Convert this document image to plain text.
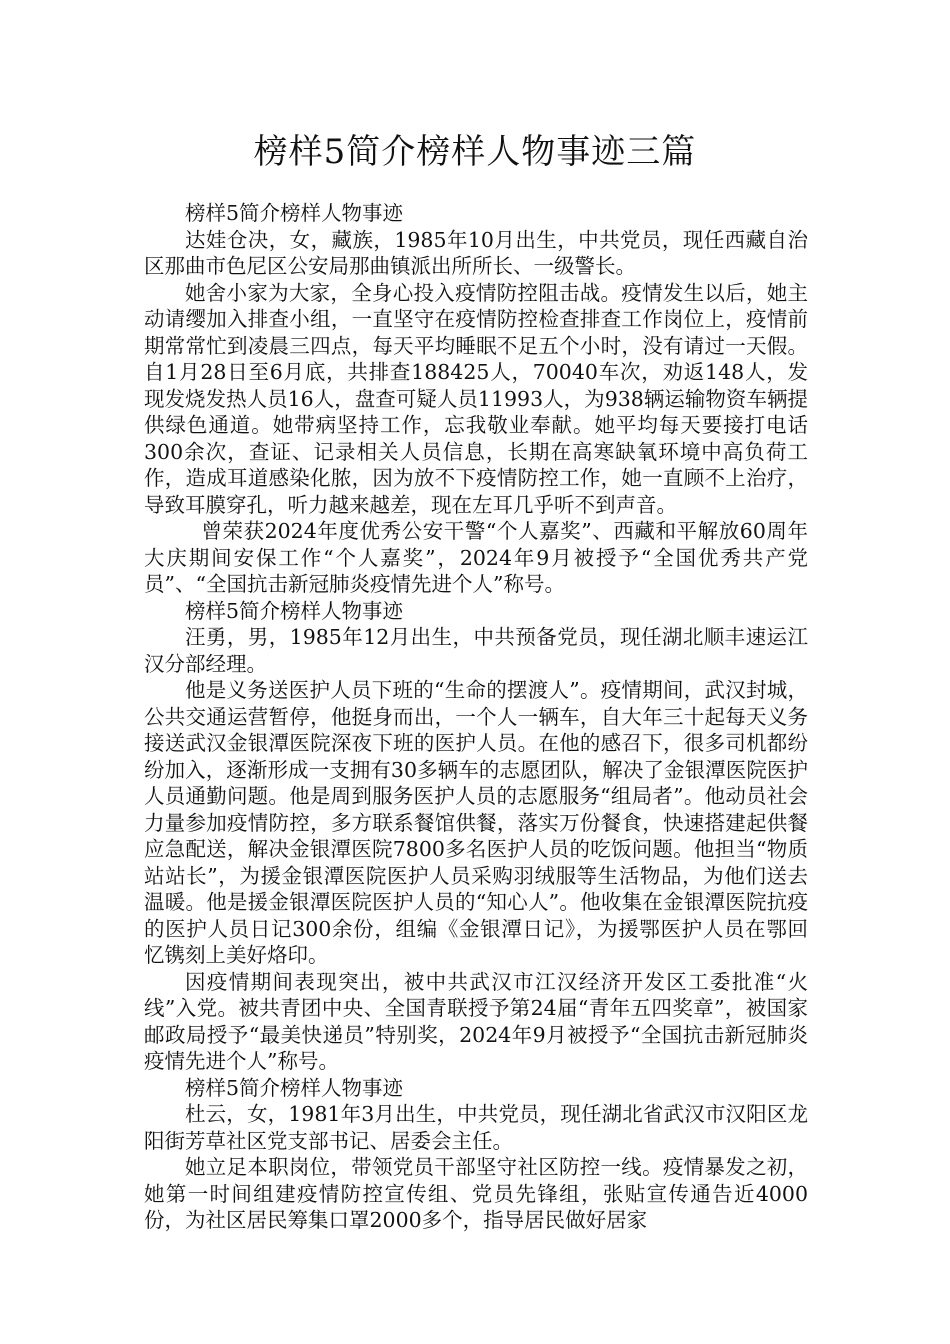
榜样5简介榜样人物事迹三篇

榜样5简介榜样人物事迹

达娃仓决，女，藏族，1985年10月出生，中共党员，现任西藏自治区那曲市色尼区公安局那曲镇派出所所长、一级警长。

她舍小家为大家，全身心投入疫情防控阻击战。疫情发生以后，她主动请缨加入排查小组，一直坚守在疫情防控检查排查工作岗位上，疫情前期常常忙到凌晨三四点，每天平均睡眠不足五个小时，没有请过一天假。自1月28日至6月底，共排查188425人，70040车次，劝返148人，发现发烧发热人员16人，盘查可疑人员11993人，为938辆运输物资车辆提供绿色通道。她带病坚持工作，忘我敬业奉献。她平均每天要接打电话300余次，查证、记录相关人员信息，长期在高寒缺氧环境中高负荷工作，造成耳道感染化脓，因为放不下疫情防控工作，她一直顾不上治疗，导致耳膜穿孔，听力越来越差，现在左耳几乎听不到声音。

曾荣获2024年度优秀公安干警“个人嘉奖”、西藏和平解放60周年大庆期间安保工作“个人嘉奖”，2024年9月被授予“全国优秀共产党员”、“全国抗击新冠肺炎疫情先进个人”称号。

榜样5简介榜样人物事迹

汪勇，男，1985年12月出生，中共预备党员，现任湖北顺丰速运江汉分部经理。

他是义务送医护人员下班的“生命的摆渡人”。疫情期间，武汉封城，公共交通运营暂停，他挺身而出，一个人一辆车，自大年三十起每天义务接送武汉金银潭医院深夜下班的医护人员。在他的感召下，很多司机都纷纷加入，逐渐形成一支拥有30多辆车的志愿团队，解决了金银潭医院医护人员通勤问题。他是周到服务医护人员的志愿服务“组局者”。他动员社会力量参加疫情防控，多方联系餐馆供餐，落实万份餐食，快速搭建起供餐应急配送，解决金银潭医院7800多名医护人员的吃饭问题。他担当“物质站站长”，为援金银潭医院医护人员采购羽绒服等生活物品，为他们送去温暖。他是援金银潭医院医护人员的“知心人”。他收集在金银潭医院抗疫的医护人员日记300余份，组编《金银潭日记》，为援鄂医护人员在鄂回忆镌刻上美好烙印。

因疫情期间表现突出，被中共武汉市江汉经济开发区工委批准“火线”入党。被共青团中央、全国青联授予第24届“青年五四奖章”，被国家邮政局授予“最美快递员”特别奖，2024年9月被授予“全国抗击新冠肺炎疫情先进个人”称号。

榜样5简介榜样人物事迹

杜云，女，1981年3月出生，中共党员，现任湖北省武汉市汉阳区龙阳街芳草社区党支部书记、居委会主任。

她立足本职岗位，带领党员干部坚守社区防控一线。疫情暴发之初，她第一时间组建疫情防控宣传组、党员先锋组，张贴宣传通告近4000份，为社区居民筹集口罩2000多个，指导居民做好居家
